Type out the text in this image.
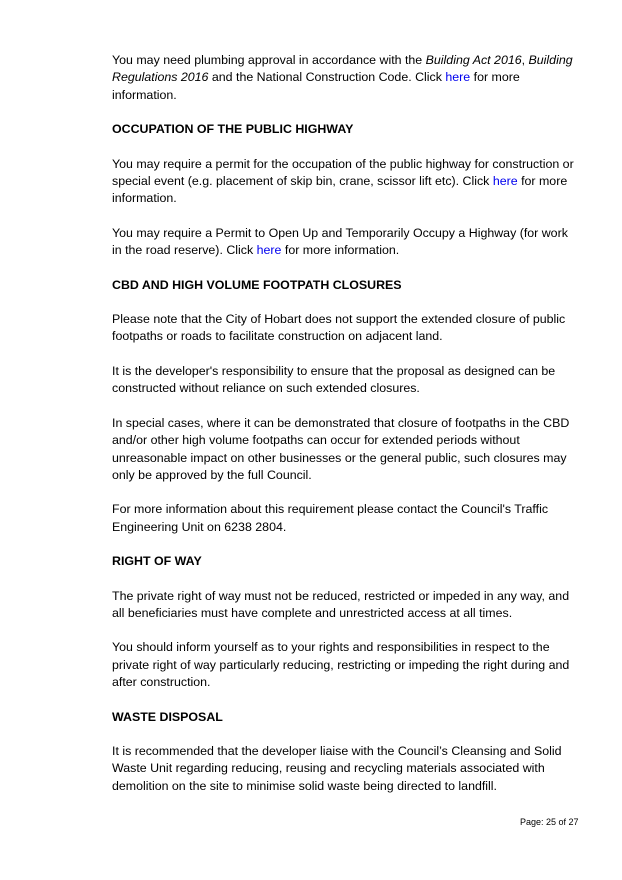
You may need plumbing approval in accordance with the Building Act 2016, Building Regulations 2016 and the National Construction Code. Click here for more information.

OCCUPATION OF THE PUBLIC HIGHWAY

You may require a permit for the occupation of the public highway for construction or special event (e.g. placement of skip bin, crane, scissor lift etc). Click here for more information.

You may require a Permit to Open Up and Temporarily Occupy a Highway (for work in the road reserve). Click here for more information.

CBD AND HIGH VOLUME FOOTPATH CLOSURES

Please note that the City of Hobart does not support the extended closure of public footpaths or roads to facilitate construction on adjacent land.

It is the developer's responsibility to ensure that the proposal as designed can be constructed without reliance on such extended closures.

In special cases, where it can be demonstrated that closure of footpaths in the CBD and/or other high volume footpaths can occur for extended periods without unreasonable impact on other businesses or the general public, such closures may only be approved by the full Council.

For more information about this requirement please contact the Council's Traffic Engineering Unit on 6238 2804.

RIGHT OF WAY

The private right of way must not be reduced, restricted or impeded in any way, and all beneficiaries must have complete and unrestricted access at all times.

You should inform yourself as to your rights and responsibilities in respect to the private right of way particularly reducing, restricting or impeding the right during and after construction.

WASTE DISPOSAL

It is recommended that the developer liaise with the Council’s Cleansing and Solid Waste Unit regarding reducing, reusing and recycling materials associated with demolition on the site to minimise solid waste being directed to landfill.

Page: 25 of 27
